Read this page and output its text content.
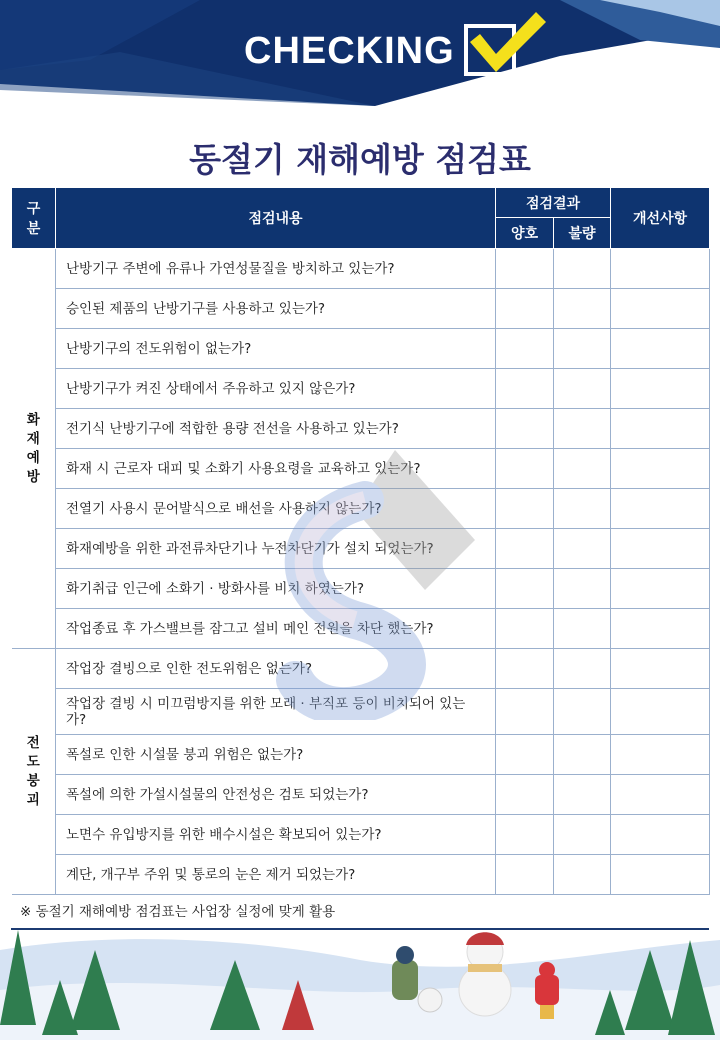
CHECKING
동절기 재해예방 점검표
구분	점검내용	점검결과		개선사항
		양호	불량	
화재예방	난방기구 주변에 유류나 가연성물질을 방치하고 있는가?			
	승인된 제품의 난방기구를 사용하고 있는가?			
	난방기구의 전도위험이 없는가?			
	난방기구가 켜진 상태에서 주유하고 있지 않은가?			
	전기식 난방기구에 적합한 용량 전선을 사용하고 있는가?			
	화재 시 근로자 대피 및 소화기 사용요령을 교육하고 있는가?			
	전열기 사용시 문어발식으로 배선을 사용하지 않는가?			
	화재예방을 위한 과전류차단기나 누전차단기가 설치 되었는가?			
	화기취급 인근에 소화기 · 방화사를 비치 하였는가?			
	작업종료 후 가스밸브를 잠그고 설비 메인 전원을 차단 했는가?			
전도붕괴	작업장 결빙으로 인한 전도위험은 없는가?			
	작업장 결빙 시 미끄럼방지를 위한 모래 · 부직포 등이 비치되어 있는가?			
	폭설로 인한 시설물 붕괴 위험은 없는가?			
	폭설에 의한 가설시설물의 안전성은 검토 되었는가?			
	노면수 유입방지를 위한 배수시설은 확보되어 있는가?			
	계단, 개구부 주위 및 통로의 눈은 제거 되었는가?			
※ 동절기 재해예방 점검표는 사업장 실정에 맞게 활용
